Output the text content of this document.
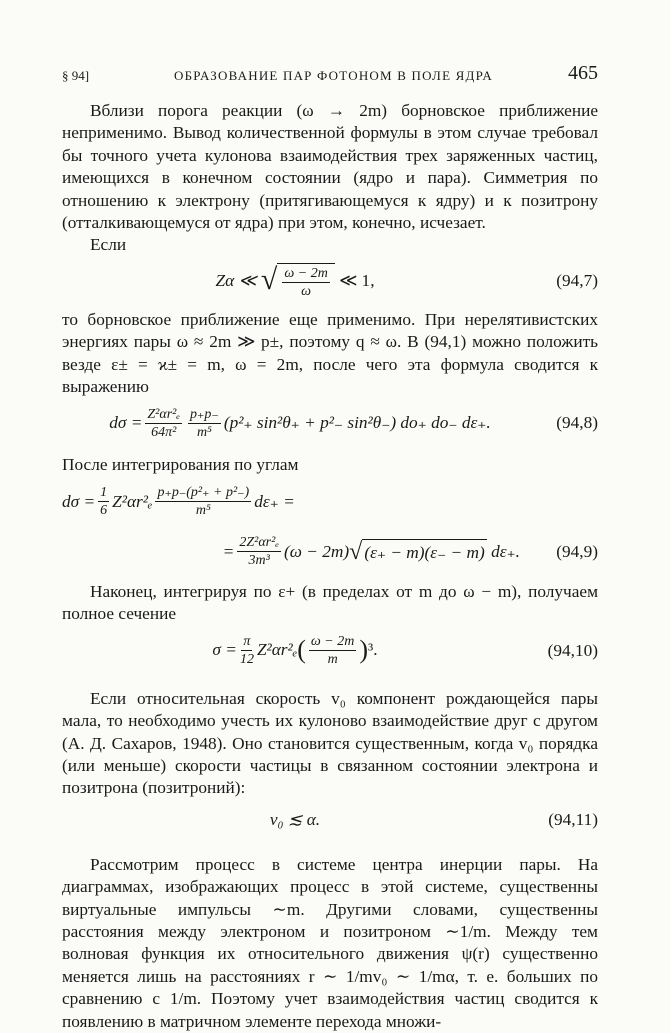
§ 94]	ОБРАЗОВАНИЕ ПАР ФОТОНОМ В ПОЛЕ ЯДРА	465
Вблизи порога реакции (ω → 2m) борновское приближение неприменимо. Вывод количественной формулы в этом случае требовал бы точного учета кулонова взаимодействия трех заряженных частиц, имеющихся в конечном состоянии (ядро и пара). Симметрия по отношению к электрону (притягивающемуся к ядру) и к позитрону (отталкивающемуся от ядра) при этом, конечно, исчезает.
Если
Zα ≪
√ $\frac{\omega - 2m}{\omega}$
≪ 1,	(94,7)
то борновское приближение еще применимо. При нерелятивистских энергиях пары ω ≈ 2m ≫ p±, поэтому q ≈ ω. В (94,1) можно положить везде ε± = ϰ± = m, ω = 2m, после чего эта формула сводится к выражению
$d\sigma = \frac{\text{Z²αr²ₑ}}{\text{64π²}} \frac{p_+p_-}{\text{m⁵}} (p^2_+$ sin²θ₊ + p²₋ sin²θ₋) do₊ do₋ dε₊.	(94,8)
После интегрирования по углам
$d\sigma = \frac{1}{6} Z^2\alpha r^2_e \frac{\text{p₊p₋(p²₊ + p²₋)}}{\text{m⁵}} d\varepsilon_+$ =
= $\frac{\text{2Z²αr²ₑ}}{\text{3m³}} (\omega - 2m)$ √ (ε₊ − m)(ε₋ − m)
dε₊. (94,9)
Наконец, интегрируя по ε+ (в пределах от m до ω − m), получаем полное сечение
$\sigma = \frac{\pi}{12} Z^2\alpha r^2_e$ ( $\frac{\omega - 2m}{m}$ ) ³.	(94,10)
Если относительная скорость v₀ компонент рождающейся пары мала, то необходимо учесть их кулоново взаимодействие друг с другом (А. Д. Сахаров, 1948). Оно становится существенным, когда v₀ порядка (или меньше) скорости частицы в связанном состоянии электрона и позитрона (позитроний):
v₀ ≲ α.	(94,11)
Рассмотрим процесс в системе центра инерции пары. На диаграммах, изображающих процесс в этой системе, существенны виртуальные импульсы ∼m. Другими словами, существенны расстояния между электроном и позитроном ∼1/m. Между тем волновая функция их относительного движения ψ(r) существенно меняется лишь на расстояниях r ∼ 1/mv₀ ∼ 1/mα, т. е. больших по сравнению с 1/m. Поэтому учет взаимодействия частиц сводится к появлению в матричном элементе перехода множи-
